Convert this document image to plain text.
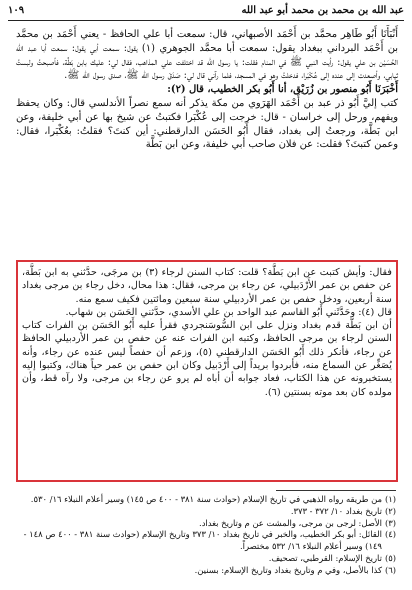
عبد الله بن محمد بن محمد أبو عبد الله
١٠٩

أَنْبَأَنَا أَبُو طَاهِر محمَّد بن أَحْمَد الأصبهاني، قال: سمعت أبا علي الحافظ - يعني أَحْمَد بن محمَّد بن أَحْمَد البرداني ببغداد يقول: سمعت أبا محمَّد الجوهري (١) يقول: سمعت أبي يقول: سمعت أبا عبد الله الحُسَيْن بن علي يقول: رأيت النبي ﷺ في المنام فقلت: يا رسول الله قد اختلفت علي المذاهب، فقال لي: عليك بابن بَطَّة، فأصبحتُ ولبستُ ثيابي، وأصعدت إلى عنده إلى عُكْبَرا، فدخلتُ وهو في المسجد، فلما رآني قال لي: صَدَقَ رسول الله ﷺ، صدق رسول الله ﷺ.

أَخْبَرَنَا أَبُو منصور بن زُرَيْق، أنا أَبُو بكر الخطيب، قال (٢):

كتب إليَّ أَبُو ذر عبد بن أَحْمَد الهَرَوي من مكة يذكر أنه سمع نصراً الأندلسي قال: وكان يحفظ ويفهم، ورحل إلى خراسان - قال: خرجت إلى عُكْبَرا فكتبتُ عن شيخ بها عن أبي خليفة، وعن ابن بَطَّة، ورجعتُ إلى بغداد، فقال أَبُو الحَسَن الدارقطني: أين كنتَ؟ فقلتُ: بعُكْبَرا، فقال: وعمن كتبتَ؟ فقلت: عن فلان صاحب أبي خليفة، وعن ابن بَطَّة

فقال: وأيش كتبت عن ابن بَطَّة؟ قلت: كتاب السنن لرجاء (٣) بن مرجَى، حدَّثني به ابن بَطَّة، عن حفص بن عمر الأَرْدَبيلي، عن رجاء بن مرجى، فقال: هذا محال، دخل رجاء بن مرجى بغداد سنة أربعين، ودخل حفص بن عمر الأردبيلي سنة سبعين ومائتين فكيف سمع منه.

قال (٤): وحَدَّثَني أَبُو القاسم عبد الواحد بن علي الأسدي، حدَّثني الحَسَن بن شهاب.

أن ابن بَطَّة قدم بغداد ونزل على ابن السُّوسَنجردي فقرأ عليه أَبُو الحَسَن بن الفرات كتاب السنن لرجاء بن مرجى الحافظ، وكتبه ابن الفرات عنه عن حفص بن عمر الأردبيلي الحافظ عن رجاء، فأنكر ذلك أَبُو الحَسَن الدارقطني (٥)، وزعم أن حفصاً ليس عنده عن رجاء، وأنه يُصَغِّر عن السماع منه، فأبردوا بريداً إلى أَرْدَبيل وكان ابن حفص بن عمر حياً هناك، وكتبوا إليه يستخبرونه عن هذا الكتاب، فعاد جوابه أن أباه لم يرو عن رجاء بن مرجى، ولا رآه قط، وأن مولده كان بعد موته بسنتين (٦).

(١)
من طريقه رواه الذهبي في تاريخ الإسلام (حوادث سنة ٣٨١ - ٤٠٠ ص ١٤٥) وسير أعلام النبلاء ١٦/ ٥٣٠.
(٢)
تاريخ بغداد ١٠/ ٣٧٢ - ٣٧٣.
(٣)
الأصل: لرجى بن مرجى، والمشت عن م وتاريخ بغداد.
(٤)
القائل: أبو بكر الخطيب، والخبر في تاريخ بغداد ١٠/ ٣٧٣ وتاريخ الإسلام (حوادث سنة ٣٨١ - ٤٠٠ ص ١٤٨ - ١٤٩) وسير أعلام النبلاء ١٦/ ٥٣٢ مختصراً.
(٥)
تاريخ الإسلام: القرطبي، تصحيف.
(٦)
كذا بالأصل، وفي م وتاريخ بغداد وتاريخ الإسلام: بسنين.
